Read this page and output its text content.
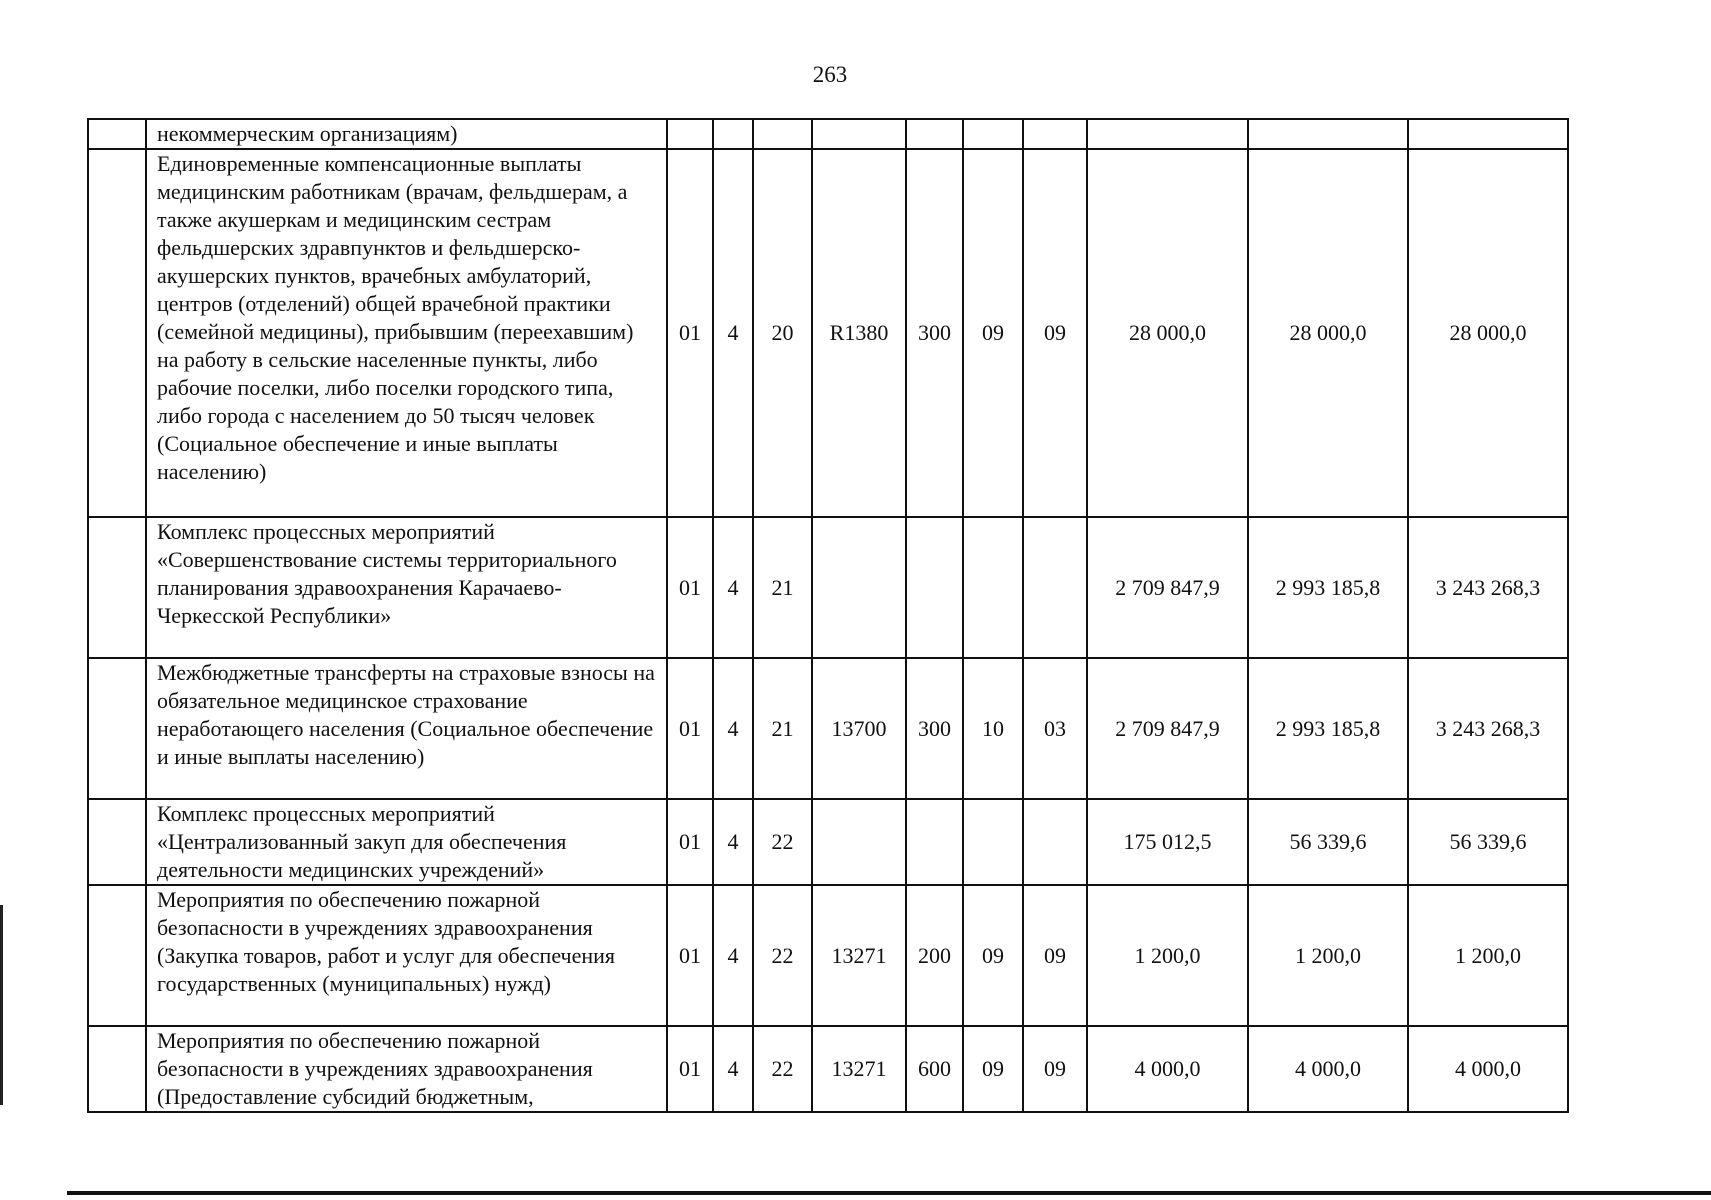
263
	некоммерческим организациям)										
	Единовременные компенсационные выплаты медицинским работникам (врачам, фельдшерам, а также акушеркам и медицинским сестрам фельдшерских здравпунктов и фельдшерско-акушерских пунктов, врачебных амбулаторий, центров (отделений) общей врачебной практики (семейной медицины), прибывшим (переехавшим) на работу в сельские населенные пункты, либо рабочие поселки, либо поселки городского типа, либо города с населением до 50 тысяч человек (Социальное обеспечение и иные выплаты населению)	01	4	20	R1380	300	09	09	28 000,0	28 000,0	28 000,0
	Комплекс процессных мероприятий «Совершенствование системы территориального планирования здравоохранения Карачаево-Черкесской Республики»	01	4	21					2 709 847,9	2 993 185,8	3 243 268,3
	Межбюджетные трансферты на страховые взносы на обязательное медицинское страхование неработающего населения (Социальное обеспечение и иные выплаты населению)	01	4	21	13700	300	10	03	2 709 847,9	2 993 185,8	3 243 268,3
	Комплекс процессных мероприятий «Централизованный закуп для обеспечения деятельности медицинских учреждений»	01	4	22					175 012,5	56 339,6	56 339,6
	Мероприятия по обеспечению пожарной безопасности в учреждениях здравоохранения (Закупка товаров, работ и услуг для обеспечения государственных (муниципальных) нужд)	01	4	22	13271	200	09	09	1 200,0	1 200,0	1 200,0
	Мероприятия по обеспечению пожарной безопасности в учреждениях здравоохранения (Предоставление субсидий бюджетным,	01	4	22	13271	600	09	09	4 000,0	4 000,0	4 000,0
